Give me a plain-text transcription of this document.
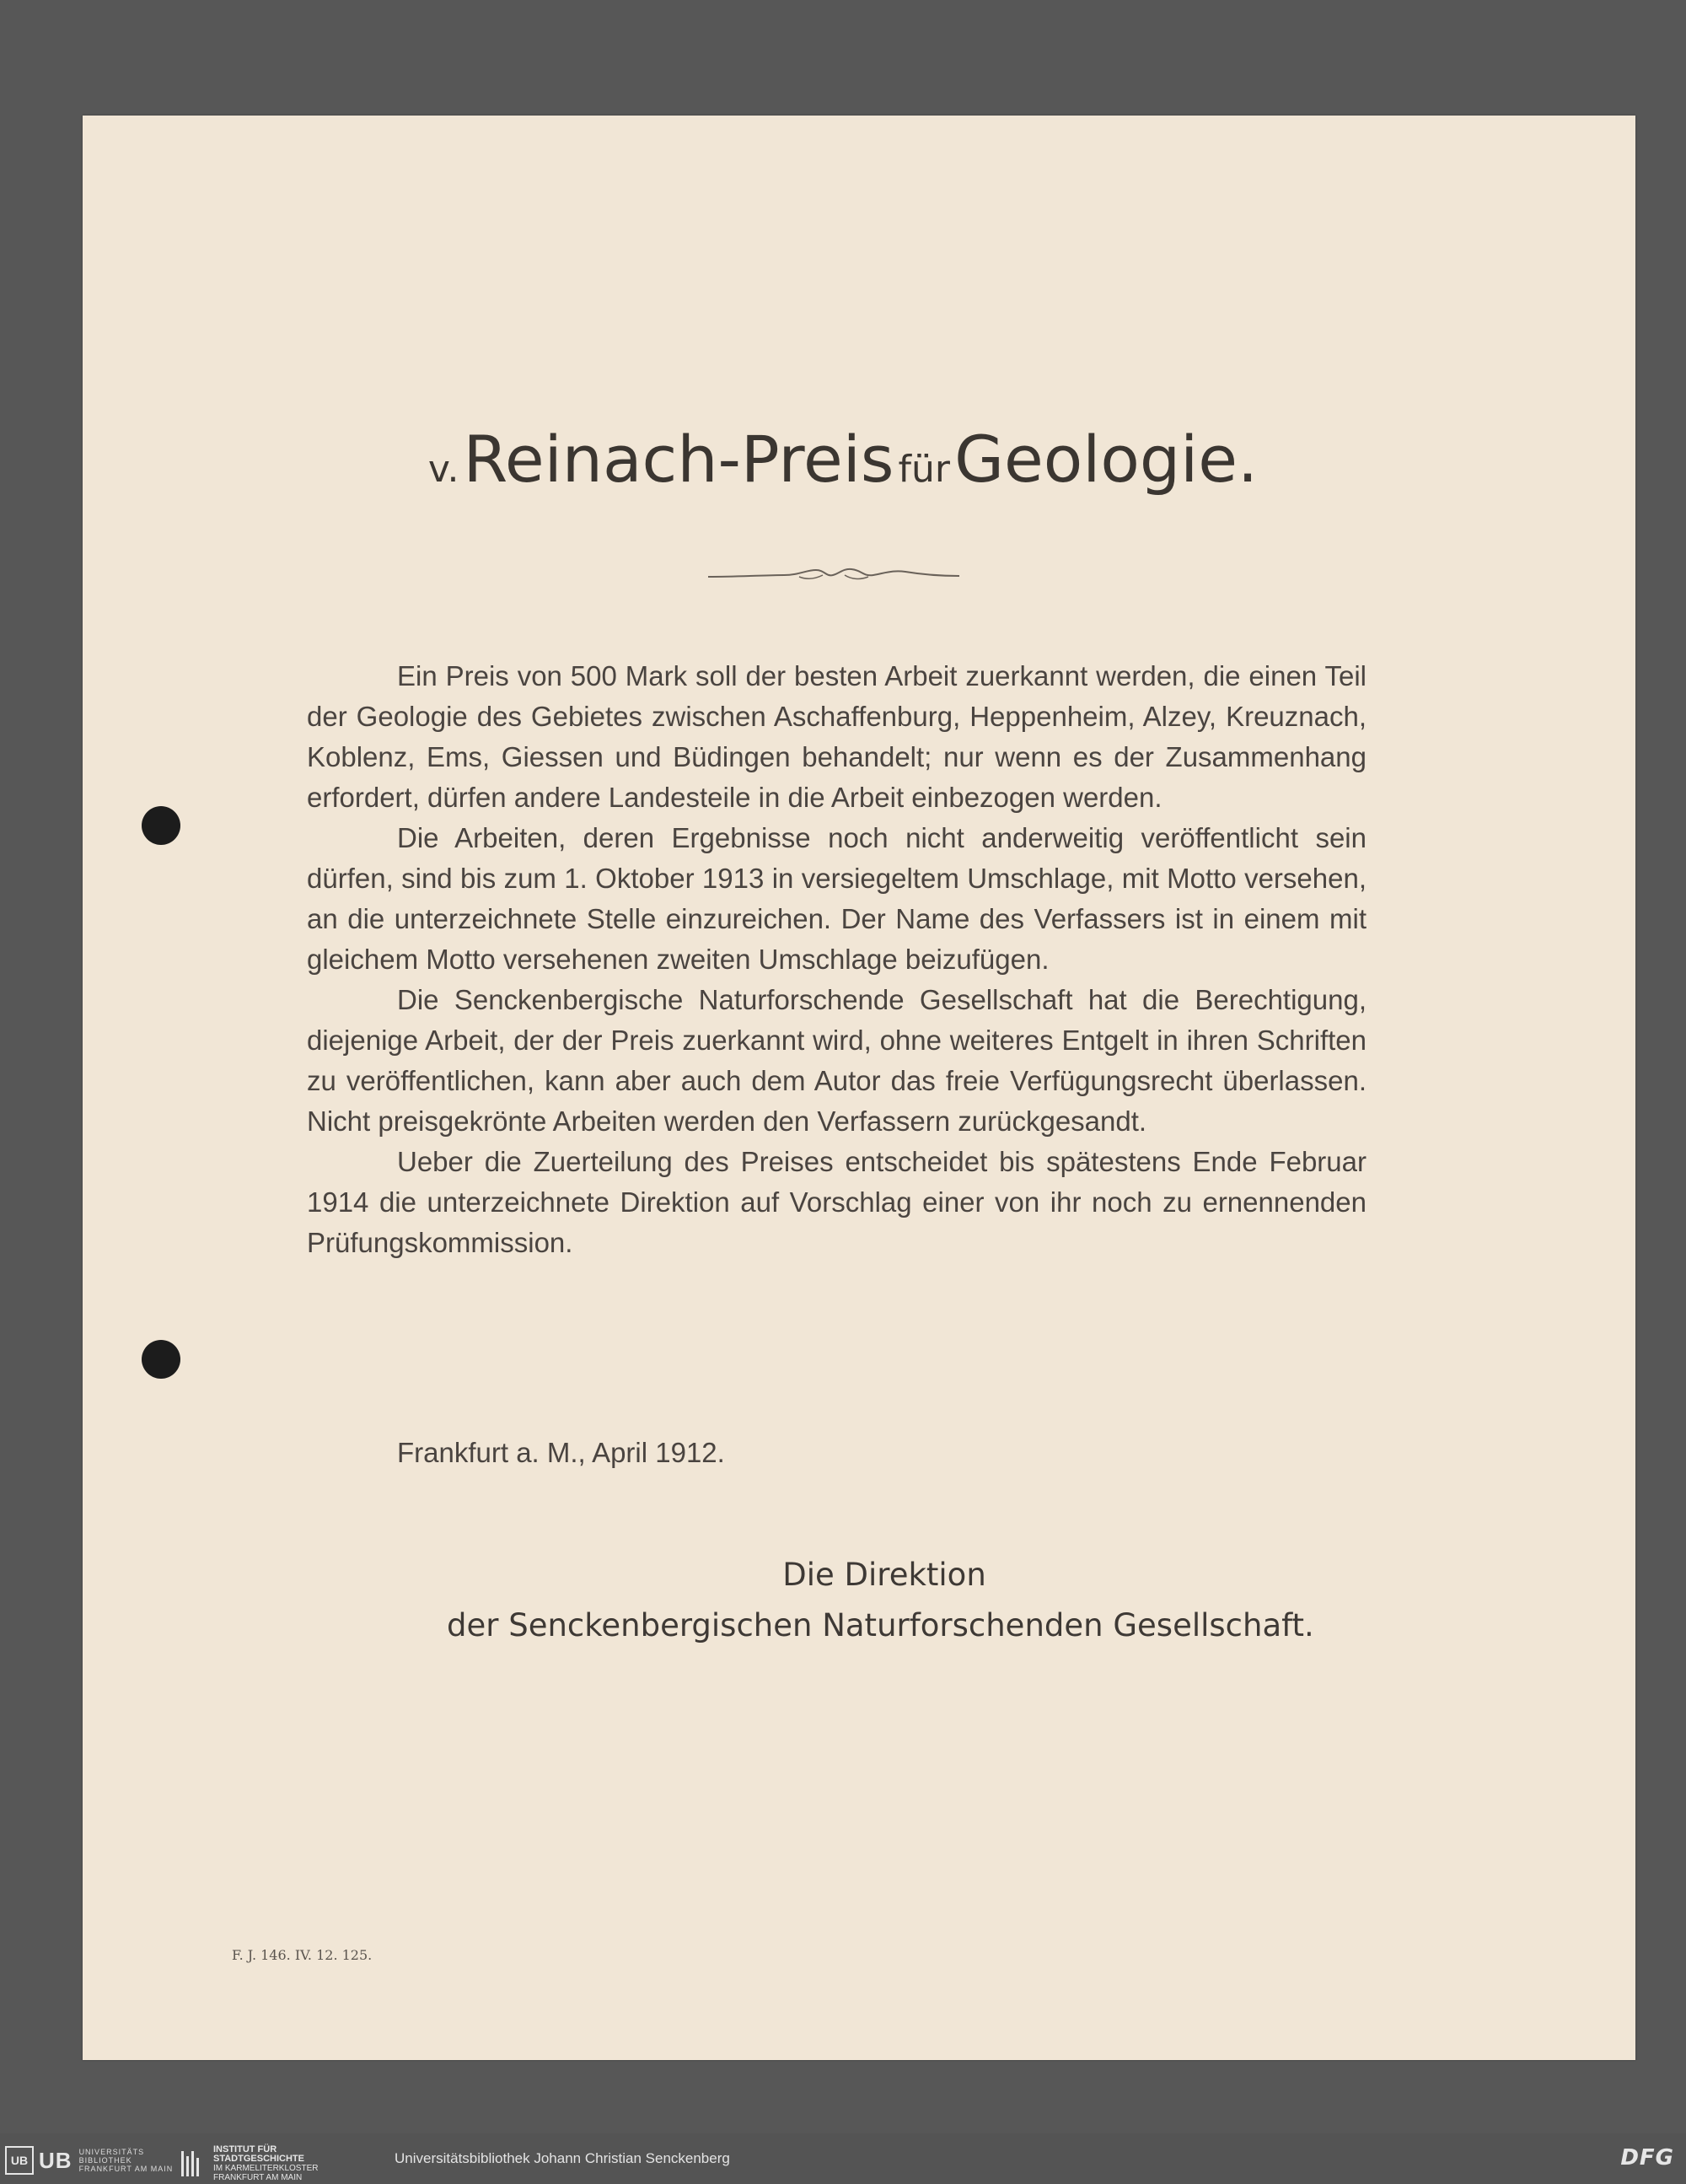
v. Reinach-Preis für Geologie.

Ein Preis von 500 Mark soll der besten Arbeit zuerkannt werden, die einen Teil der Geologie des Gebietes zwischen Aschaffenburg, Heppenheim, Alzey, Kreuznach, Koblenz, Ems, Giessen und Büdingen behandelt; nur wenn es der Zusammenhang erfordert, dürfen andere Landesteile in die Arbeit einbezogen werden.

Die Arbeiten, deren Ergebnisse noch nicht anderweitig veröffentlicht sein dürfen, sind bis zum 1. Oktober 1913 in versiegeltem Umschlage, mit Motto versehen, an die unterzeichnete Stelle einzureichen. Der Name des Verfassers ist in einem mit gleichem Motto versehenen zweiten Umschlage beizufügen.

Die Senckenbergische Naturforschende Gesellschaft hat die Berechtigung, diejenige Arbeit, der der Preis zuerkannt wird, ohne weiteres Entgelt in ihren Schriften zu veröffentlichen, kann aber auch dem Autor das freie Verfügungsrecht überlassen. Nicht preisgekrönte Arbeiten werden den Verfassern zurückgesandt.

Ueber die Zuerteilung des Preises entscheidet bis spätestens Ende Februar 1914 die unterzeichnete Direktion auf Vorschlag einer von ihr noch zu ernennenden Prüfungskommission.

Frankfurt a. M., April 1912.
Die Direktion
der Senckenbergischen Naturforschenden Gesellschaft.
F. J. 146. IV. 12. 125.
UB UB UNIVERSITÄTS
BIBLIOTHEK
FRANKFURT AM MAIN
INSTITUT FÜR
STADTGESCHICHTE
IM KARMELITERKLOSTER
FRANKFURT AM MAIN
Universitätsbibliothek Johann Christian Senckenberg	DFG
